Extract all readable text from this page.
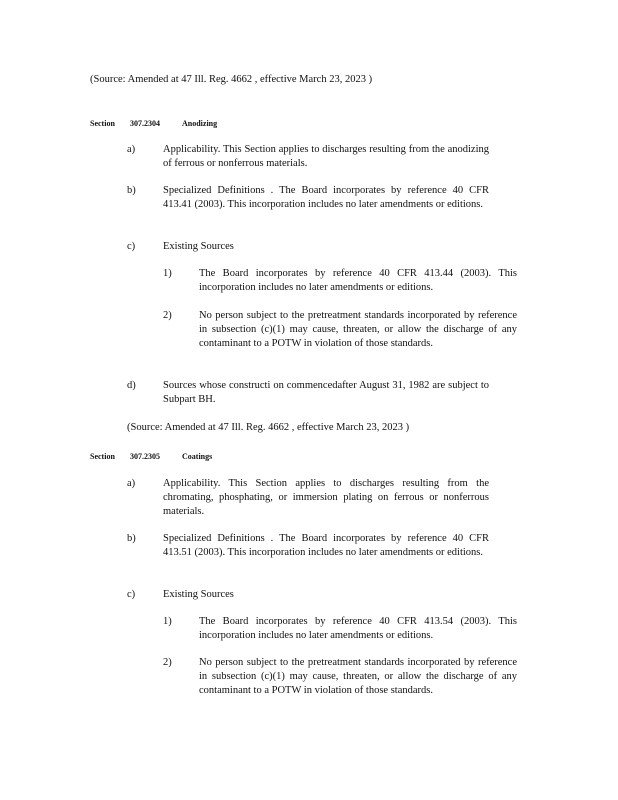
(Source: Amended at 47 Ill. Reg. 4662 , effective March 23, 2023 )
Section 307.2304	Anodizing
a)	Applicability. This Section applies to discharges resulting from the anodizing of ferrous or nonferrous materials.
b)	Specialized Definitions . The Board incorporates by reference 40 CFR 413.41 (2003). This incorporation includes no later amendments or editions.
c)	Existing Sources
1)	The Board incorporates by reference 40 CFR 413.44 (2003). This incorporation includes no later amendments or editions.
2)	No person subject to the pretreatment standards incorporated by reference in subsection (c)(1) may cause, threaten, or allow the discharge of any contaminant to a POTW in violation of those standards.
d)	Sources whose constructi on commencedafter August 31, 1982 are subject to Subpart BH.
(Source: Amended at 47 Ill. Reg. 4662 , effective March 23, 2023 )
Section 307.2305	Coatings
a)	Applicability. This Section applies to discharges resulting from the chromating, phosphating, or immersion plating on ferrous or nonferrous materials.
b)	Specialized Definitions . The Board incorporates by reference 40 CFR 413.51 (2003). This incorporation includes no later amendments or editions.
c)	Existing Sources
1)	The Board incorporates by reference 40 CFR 413.54 (2003). This incorporation includes no later amendments or editions.
2)	No person subject to the pretreatment standards incorporated by reference in subsection (c)(1) may cause, threaten, or allow the discharge of any contaminant to a POTW in violation of those standards.
